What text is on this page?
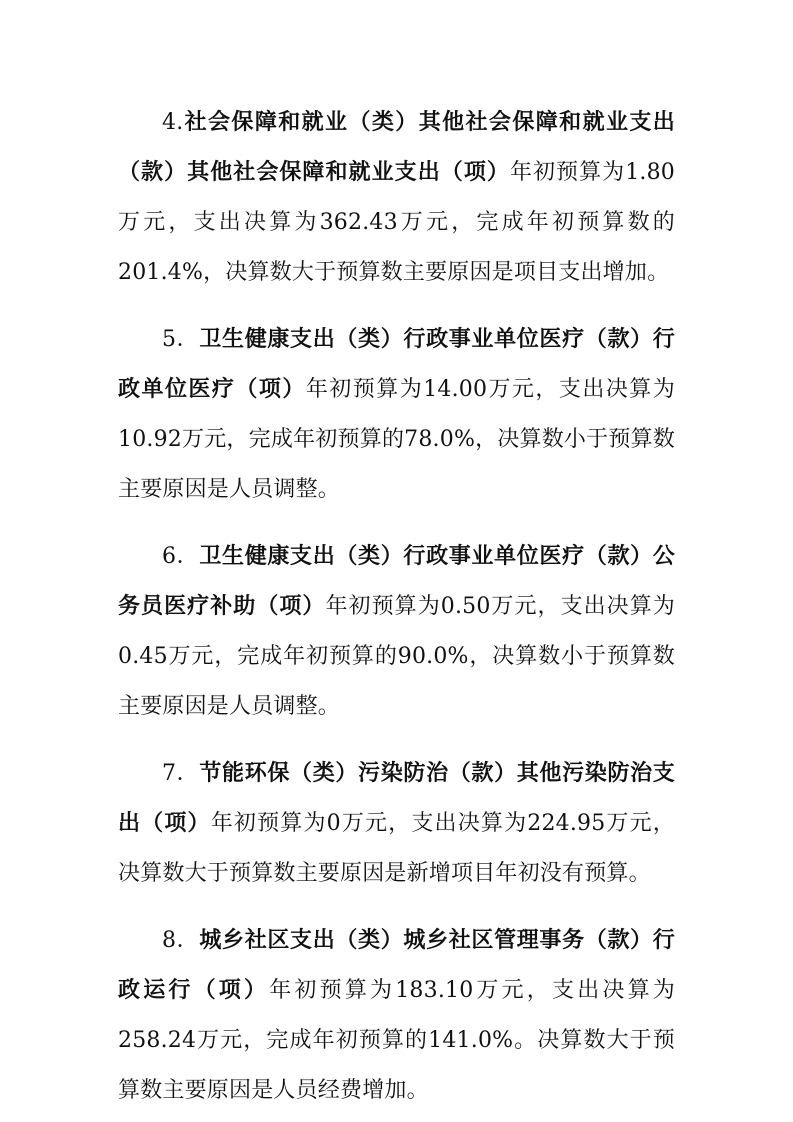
4.社会保障和就业（类）其他社会保障和就业支出（款）其他社会保障和就业支出（项）年初预算为1.80万元，支出决算为362.43万元，完成年初预算数的201.4%，决算数大于预算数主要原因是项目支出增加。

5．卫生健康支出（类）行政事业单位医疗（款）行政单位医疗（项）年初预算为14.00万元，支出决算为10.92万元，完成年初预算的78.0%，决算数小于预算数主要原因是人员调整。

6．卫生健康支出（类）行政事业单位医疗（款）公务员医疗补助（项）年初预算为0.50万元，支出决算为0.45万元，完成年初预算的90.0%，决算数小于预算数主要原因是人员调整。

7．节能环保（类）污染防治（款）其他污染防治支出（项）年初预算为0万元，支出决算为224.95万元，决算数大于预算数主要原因是新增项目年初没有预算。

8．城乡社区支出（类）城乡社区管理事务（款）行政运行（项）年初预算为183.10万元，支出决算为258.24万元，完成年初预算的141.0%。决算数大于预算数主要原因是人员经费增加。
